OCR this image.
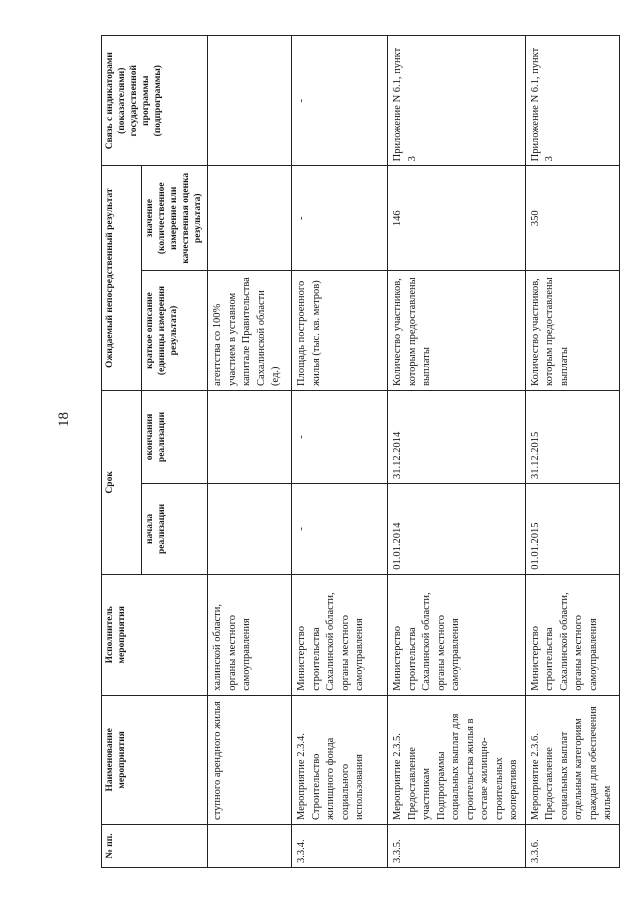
18
№ пп.	Наименование мероприятия	Исполнитель мероприятия	Срок		Ожидаемый непосредственный результат		Связь с индикаторами (показателями) государственной программы (подпрограммы)
			начала реализации	окончания реализации	краткое описание (единицы измерения результата)	значение (количественное измерение или качественная оценка результата)	
	ступного арендного жилья	халинской области, органы местного самоуправления			агентства со 100% участием в уставном капитале Правительства Сахалинской области (ед.)		
3.3.4.	Мероприятие 2.3.4. Строительство жилищного фонда социального использования	Министерство строительства Сахалинской области, органы местного самоуправления	-	-	Площадь построенного жилья (тыс. кв. метров)	-	-
3.3.5.	Мероприятие 2.3.5. Предоставление участникам Подпрограммы социальных выплат для строительства жилья в составе жилищно-строительных кооперативов	Министерство строительства Сахалинской области, органы местного самоуправления	01.01.2014	31.12.2014	Количество участников, которым предоставлены выплаты	146	Приложение N 6.1, пункт 3
3.3.6.	Мероприятие 2.3.6. Предоставление социальных выплат отдельным категориям граждан для обеспечения жильем	Министерство строительства Сахалинской области, органы местного самоуправления	01.01.2015	31.12.2015	Количество участников, которым предоставлены выплаты	350	Приложение N 6.1, пункт 3
